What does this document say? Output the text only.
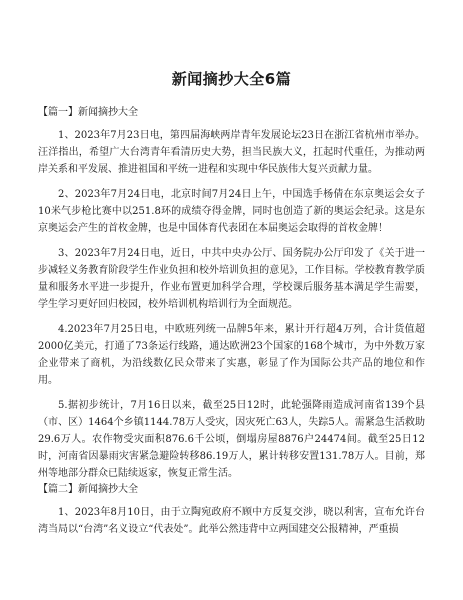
新闻摘抄大全6篇
【篇一】新闻摘抄大全

1、2023年7月23日电，第四届海峡两岸青年发展论坛23日在浙江省杭州市举办。汪洋指出，希望广大台湾青年看清历史大势，担当民族大义，扛起时代重任，为推动两岸关系和平发展、推进祖国和平统一进程和实现中华民族伟大复兴贡献力量。

2、2023年7月24日电，北京时间7月24日上午，中国选手杨倩在东京奥运会女子10米气步枪比赛中以251.8环的成绩夺得金牌，同时也创造了新的奥运会纪录。这是东京奥运会产生的首枚金牌，也是中国体育代表团在本届奥运会取得的首枚金牌！

3、2023年7月24日电，近日，中共中央办公厅、国务院办公厅印发了《关于进一步减轻义务教育阶段学生作业负担和校外培训负担的意见》，工作目标。学校教育教学质量和服务水平进一步提升，作业布置更加科学合理，学校课后服务基本满足学生需要，学生学习更好回归校园，校外培训机构培训行为全面规范。

4.2023年7月25日电，中欧班列统一品牌5年来，累计开行超4万列，合计货值超2000亿美元，打通了73条运行线路，通达欧洲23个国家的168个城市，为中外数万家企业带来了商机，为沿线数亿民众带来了实惠，彰显了作为国际公共产品的地位和作用。

5.据初步统计，7月16日以来，截至25日12时，此轮强降雨造成河南省139个县（市、区）1464个乡镇1144.78万人受灾，因灾死亡63人，失踪5人。需紧急生活救助29.6万人。农作物受灾面积876.6千公顷，倒塌房屋8876户24474间。截至25日12时，河南省因暴雨灾害紧急避险转移86.19万人，累计转移安置131.78万人。目前，郑州等地部分群众已陆续返家，恢复正常生活。

【篇二】新闻摘抄大全

1、2023年8月10日，由于立陶宛政府不顾中方反复交涉，晓以利害，宣布允许台湾当局以“台湾”名义设立“代表处”。此举公然违背中立两国建交公报精神，严重损
